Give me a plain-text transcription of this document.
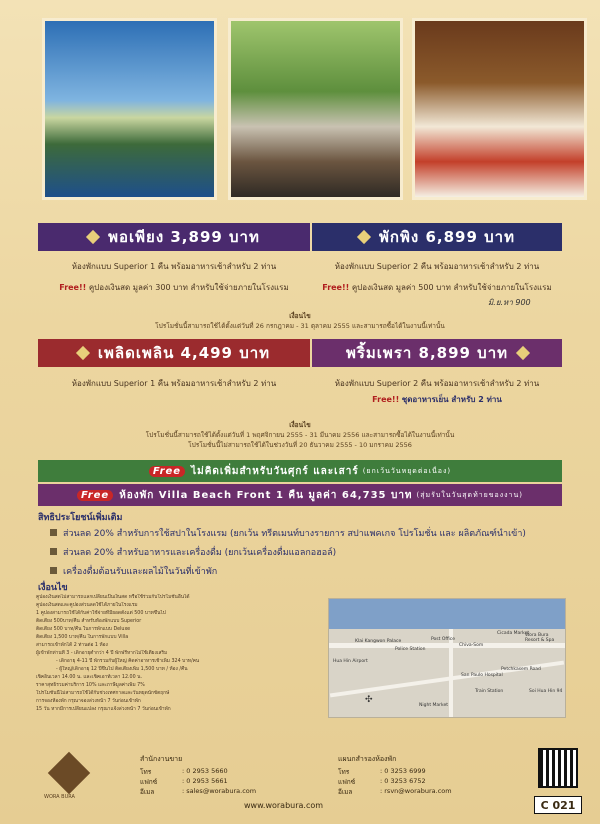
พอเพียง 3,899 บาท
ห้องพักแบบ Superior 1 คืน พร้อมอาหารเช้าสำหรับ 2 ท่าน
Free!! คูปองเงินสด มูลค่า 300 บาท สำหรับใช้จ่ายภายในโรงแรม
พักพิง 6,899 บาท
ห้องพักแบบ Superior 2 คืน พร้อมอาหารเช้าสำหรับ 2 ท่าน
Free!! คูปองเงินสด มูลค่า 500 บาท สำหรับใช้จ่ายภายในโรงแรม
มิ.ย.หา 900
เงื่อนไข
โปรโมชั่นนี้สามารถใช้ได้ตั้งแต่วันที่ 26 กรกฎาคม - 31 ตุลาคม 2555 และสามารถซื้อได้ในงานนี้เท่านั้น
เพลิดเพลิน 4,499 บาท
ห้องพักแบบ Superior 1 คืน พร้อมอาหารเช้าสำหรับ 2 ท่าน
พริ้มเพรา 8,899 บาท
ห้องพักแบบ Superior 2 คืน พร้อมอาหารเช้าสำหรับ 2 ท่าน
Free!! ชุดอาหารเย็น สำหรับ 2 ท่าน
เงื่อนไข
โปรโมชั่นนี้สามารถใช้ได้ตั้งแต่วันที่ 1 พฤศจิกายน 2555 - 31 มีนาคม 2556 และสามารถซื้อได้ในงานนี้เท่านั้น
โปรโมชั่นนี้ไม่สามารถใช้ได้ในช่วงวันที่ 20 ธันวาคม 2555 - 10 มกราคม 2556
Free	ไม่คิดเพิ่มสำหรับวันศุกร์ และเสาร์ (ยกเว้นวันหยุดต่อเนื่อง)
Free	ห้องพัก Villa Beach Front 1 คืน มูลค่า 64,735 บาท (สุ่มรับในวันสุดท้ายของงาน)
สิทธิประโยชน์เพิ่มเติม
ส่วนลด 20% สำหรับการใช้สปาในโรงแรม (ยกเว้น ทรีตเมนท์บางรายการ สปาแพคเกจ โปรโมชั่น และ ผลิตภัณฑ์นำเข้า)
ส่วนลด 20% สำหรับอาหารและเครื่องดื่ม (ยกเว้นเครื่องดื่มแอลกอฮอล์)
เครื่องดื่มต้อนรับและผลไม้ในวันที่เข้าพัก
เงื่อนไข
คูปองเงินสดไม่สามารถแลกเปลี่ยนเป็นเงินสด หรือใช้ร่วมกับโปรโมชั่นอื่นได้
คูปองเงินสดและคูปองส่วนลดใช้ได้ภายในโรงแรม
1 คูปองสามารถใช้ได้กับค่าใช้จ่ายที่มียอดตั้งแต่ 500 บาทขึ้นไป
ติดเตียง 500บาท/คืน สำหรับห้องพักแบบ Superior
ติดเตียง 500 บาท/คืน ในการพักแบบ Deluxe
ติดเตียง 1,500 บาท/คืน ในการพักแบบ Villa
สามารถเข้าพักได้ 2 ท่านต่อ 1 ห้อง
ผู้เข้าพักท่านที่ 3 - เด็กอายุต่ำกว่า 4 ปี พักฟรีหากไม่ใช้เตียงเสริม
- เด็กอายุ 4-11 ปี พักรวมกับผู้ใหญ่ คิดค่าอาหารเช้าเพิ่ม 324 บาท/คน
- ผู้ใหญ่/เด็กอายุ 12 ปีขึ้นไป ติดเตียงเพิ่ม 1,500 บาท / ห้อง /คืน
เช็คอินเวลา 14.00 น. และเช็คเอาท์เวลา 12.00 น.
ราคาสุทธิรวมค่าบริการ 10% และภาษีมูลค่าเพิ่ม 7%
โปรโมชั่นนี้ไม่สามารถใช้ได้กับช่วงเทศกาลและวันหยุดนักขัตฤกษ์
การจองห้องพัก กรุณาจองล่วงหน้า 7 วันก่อนเข้าพัก
15 วัน หากมีการเปลี่ยนแปลง กรุณาแจ้งล่วงหน้า 7 วันก่อนเข้าพัก
Klai Kangwon Palace
Police Station
Post Office
Chiva-Som
Cicada Market
Wora Bura Resort & Spa
Hua Hin Airport
San Paulo Hospital
Train Station
Night Market
Petchkasem Road
Soi Hua Hin 94
✣
WORA BURA
สำนักงานขาย
โทร	: 0 2953 5660
แฟกซ์	: 0 2953 5661
อีเมล	: sales@worabura.com
แผนกสำรองห้องพัก
โทร	: 0 3253 6999
แฟกซ์	: 0 3253 6752
อีเมล	: rsvn@worabura.com
www.worabura.com	C 021
